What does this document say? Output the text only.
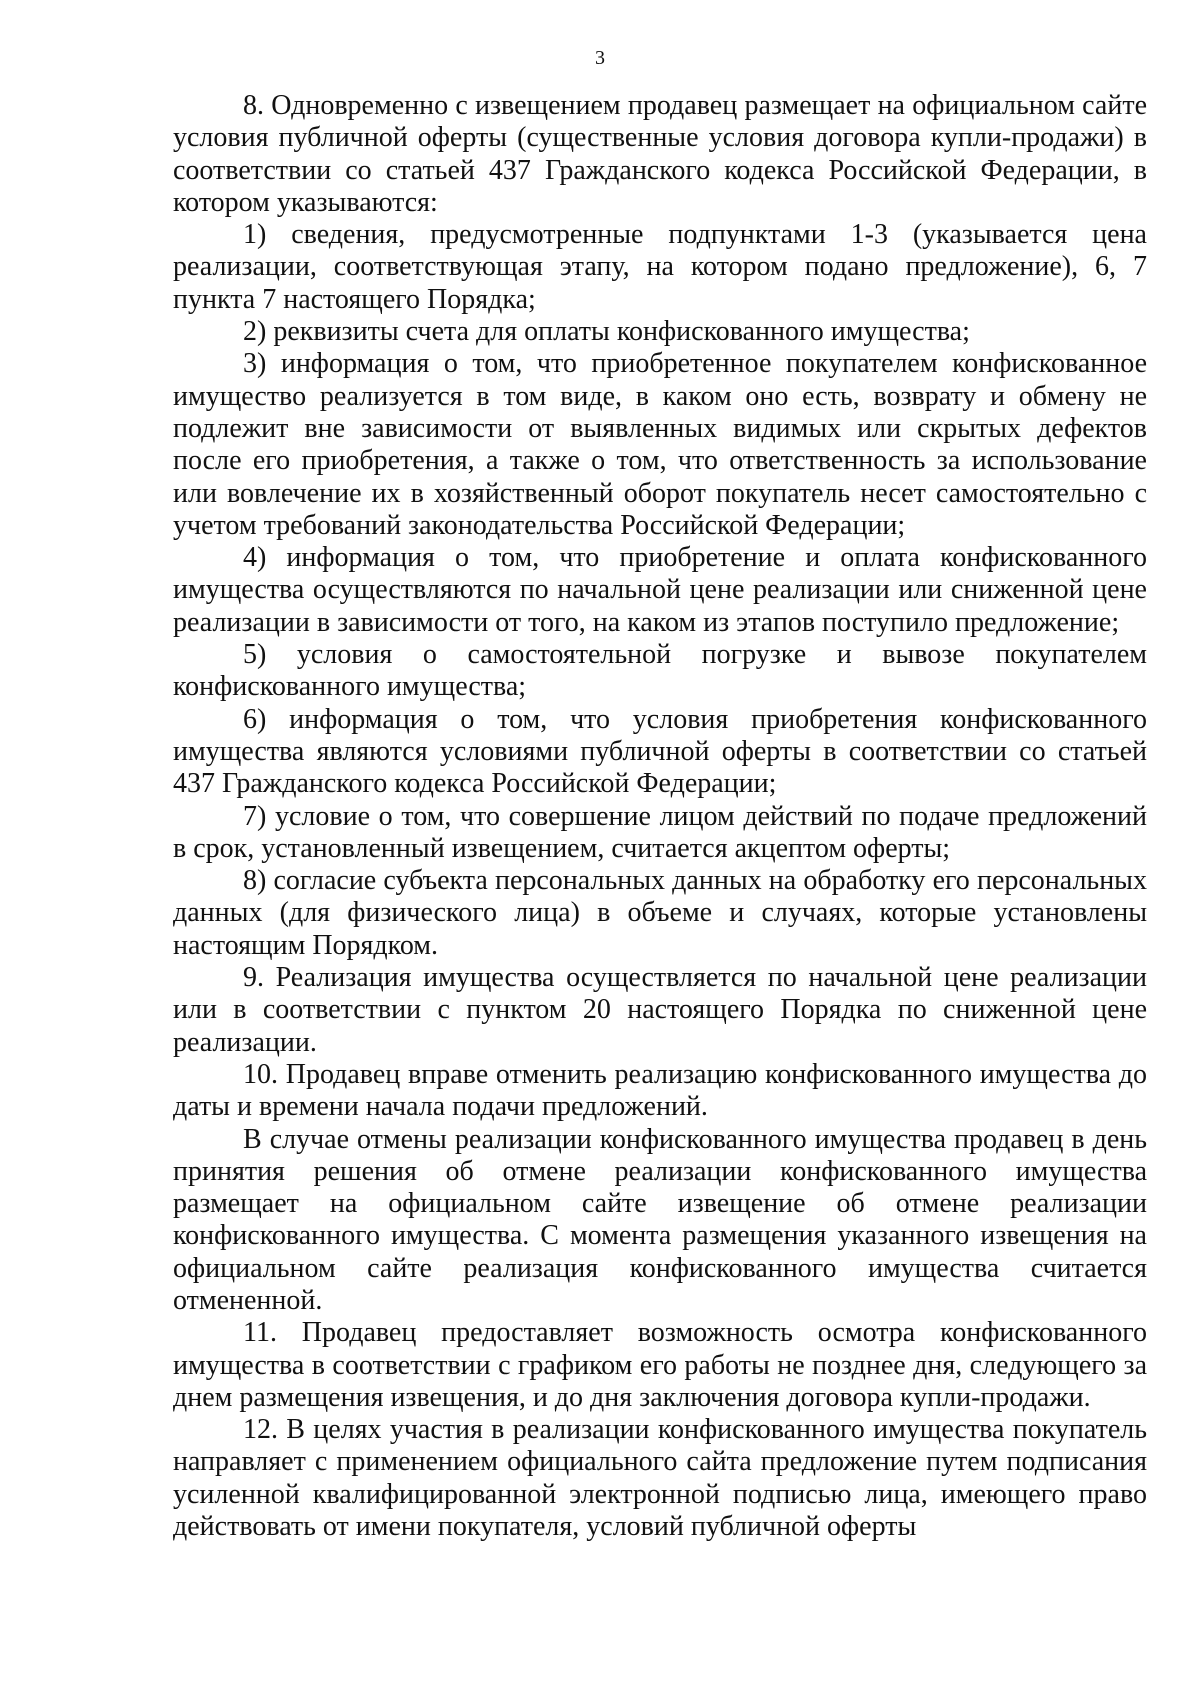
3

8. Одновременно с извещением продавец размещает на официальном сайте условия публичной оферты (существенные условия договора купли-продажи) в соответствии со статьей 437 Гражданского кодекса Российской Федерации, в котором указываются:

1) сведения, предусмотренные подпунктами 1-3 (указывается цена реализации, соответствующая этапу, на котором подано предложение), 6, 7 пункта 7 настоящего Порядка;

2) реквизиты счета для оплаты конфискованного имущества;

3) информация о том, что приобретенное покупателем конфискованное имущество реализуется в том виде, в каком оно есть, возврату и обмену не подлежит вне зависимости от выявленных видимых или скрытых дефектов после его приобретения, а также о том, что ответственность за использование или вовлечение их в хозяйственный оборот покупатель несет самостоятельно с учетом требований законодательства Российской Федерации;

4) информация о том, что приобретение и оплата конфискованного имущества осуществляются по начальной цене реализации или сниженной цене реализации в зависимости от того, на каком из этапов поступило предложение;

5) условия о самостоятельной погрузке и вывозе покупателем конфискованного имущества;

6) информация о том, что условия приобретения конфискованного имущества являются условиями публичной оферты в соответствии со статьей 437 Гражданского кодекса Российской Федерации;

7) условие о том, что совершение лицом действий по подаче предложений в срок, установленный извещением, считается акцептом оферты;

8) согласие субъекта персональных данных на обработку его персональных данных (для физического лица) в объеме и случаях, которые установлены настоящим Порядком.

9. Реализация имущества осуществляется по начальной цене реализации или в соответствии с пунктом 20 настоящего Порядка по сниженной цене реализации.

10. Продавец вправе отменить реализацию конфискованного имущества до даты и времени начала подачи предложений.

В случае отмены реализации конфискованного имущества продавец в день принятия решения об отмене реализации конфискованного имущества размещает на официальном сайте извещение об отмене реализации конфискованного имущества. С момента размещения указанного извещения на официальном сайте реализация конфискованного имущества считается отмененной.

11. Продавец предоставляет возможность осмотра конфискованного имущества в соответствии с графиком его работы не позднее дня, следующего за днем размещения извещения, и до дня заключения договора купли-продажи.

12. В целях участия в реализации конфискованного имущества покупатель направляет с применением официального сайта предложение путем подписания усиленной квалифицированной электронной подписью лица, имеющего право действовать от имени покупателя, условий публичной оферты
